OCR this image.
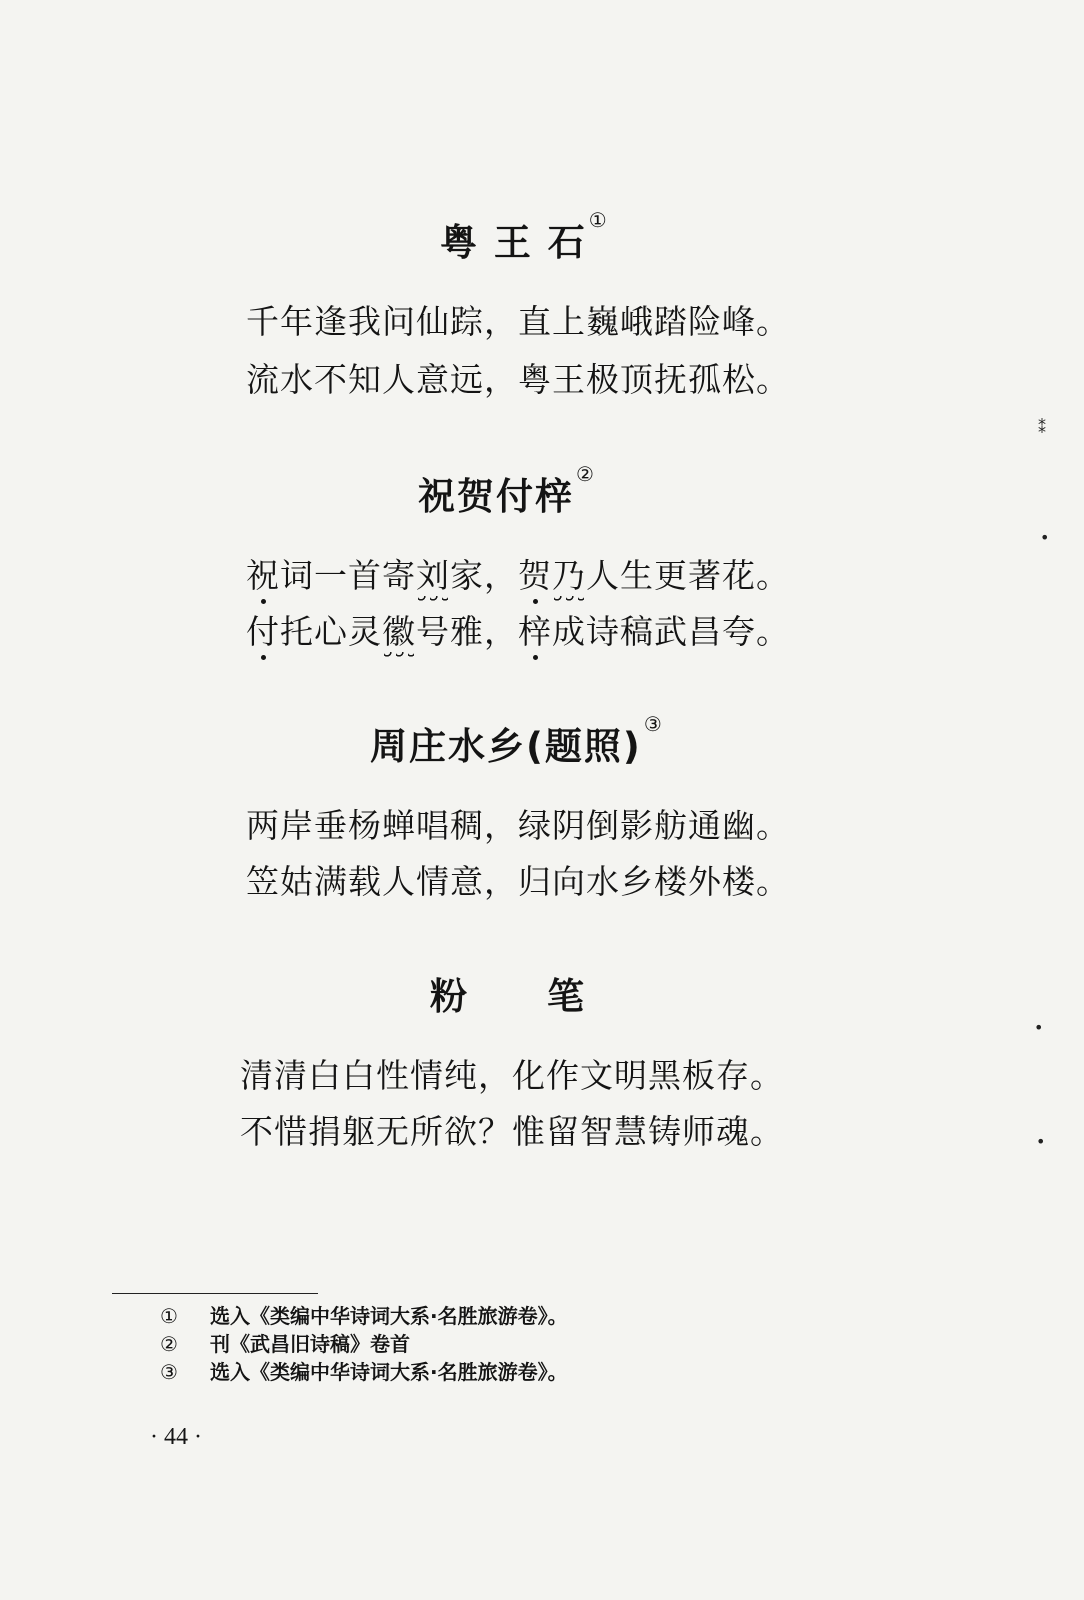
粤 王 石①
千年逢我问仙踪，直上巍峨踏险峰。
流水不知人意远，粤王极顶抚孤松。
祝贺付梓②
祝词一首寄刘家，贺乃人生更著花。
付托心灵徽号雅，梓成诗稿武昌夸。
周庄水乡(题照)③
两岸垂杨蝉唱稠，绿阴倒影舫通幽。
笠姑满载人情意，归向水乡楼外楼。
粉　　笔
清清白白性情纯，化作文明黑板存。
不惜捐躯无所欲？惟留智慧铸师魂。
① 选入《类编中华诗词大系·名胜旅游卷》。
② 刊《武昌旧诗稿》卷首
③ 选入《类编中华诗词大系·名胜旅游卷》。
· 44 ·
⁑
•
•
•
